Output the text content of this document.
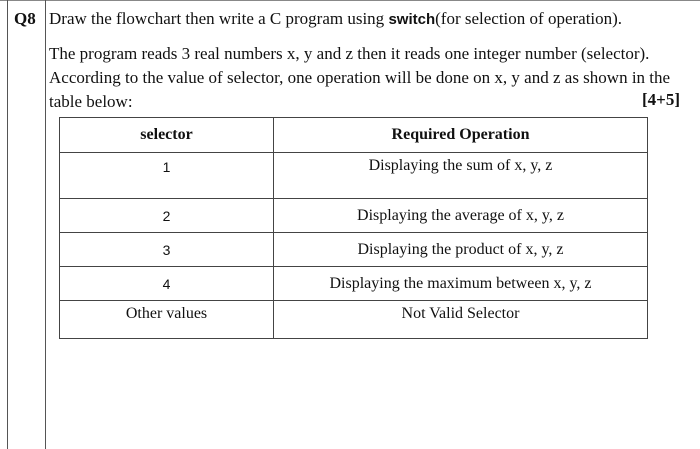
Q8 Draw the flowchart then write a C program using switch(for selection of operation).
The program reads 3 real numbers x, y and z then it reads one integer number (selector). According to the value of selector, one operation will be done on x, y and z as shown in the table below:	[4+5]
selector	Required Operation
1	Displaying the sum of x, y, z
2	Displaying the average of x, y, z
3	Displaying the product of x, y, z
4	Displaying the maximum between x, y, z
Other values	Not Valid Selector
